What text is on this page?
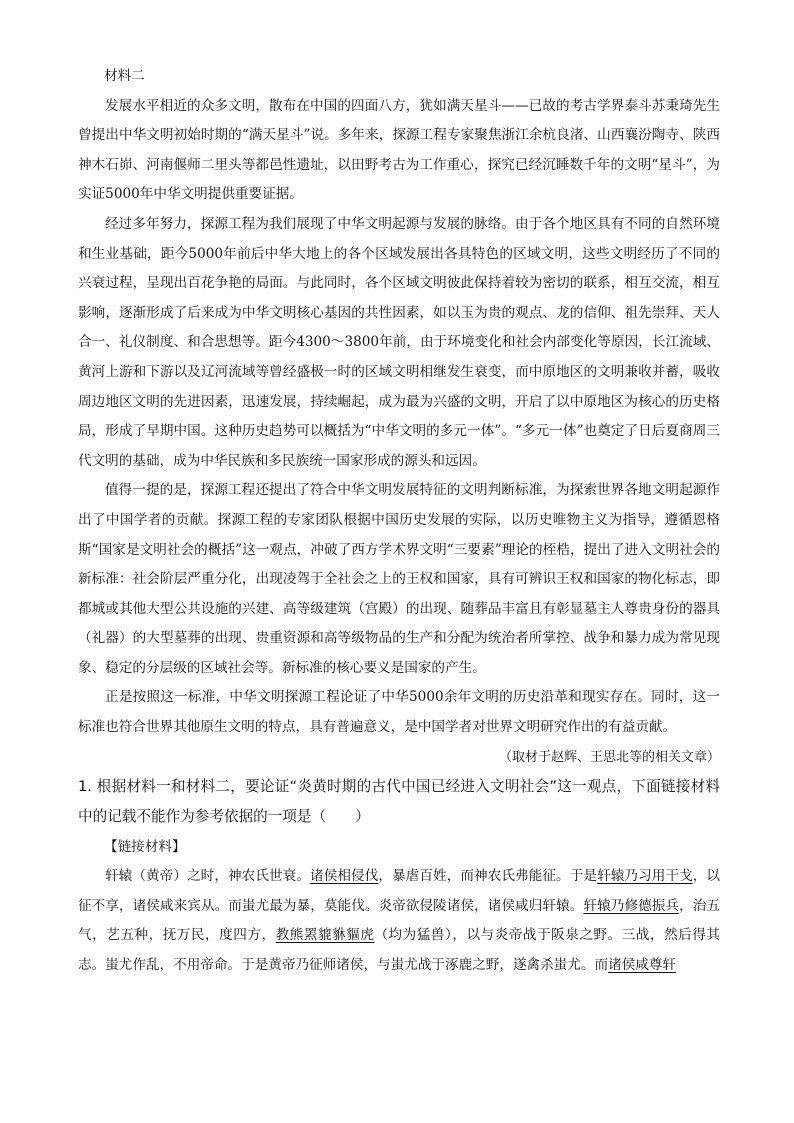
材料二

发展水平相近的众多文明，散布在中国的四面八方，犹如满天星斗——已故的考古学界泰斗苏秉琦先生曾提出中华文明初始时期的“满天星斗”说。多年来，探源工程专家聚焦浙江余杭良渚、山西襄汾陶寺、陕西神木石峁、河南偃师二里头等都邑性遗址，以田野考古为工作重心，探究已经沉睡数千年的文明“星斗”，为实证5000年中华文明提供重要证据。

经过多年努力，探源工程为我们展现了中华文明起源与发展的脉络。由于各个地区具有不同的自然环境和生业基础，距今5000年前后中华大地上的各个区域发展出各具特色的区域文明，这些文明经历了不同的兴衰过程，呈现出百花争艳的局面。与此同时，各个区域文明彼此保持着较为密切的联系，相互交流，相互影响，逐渐形成了后来成为中华文明核心基因的共性因素，如以玉为贵的观点、龙的信仰、祖先崇拜、天人合一、礼仪制度、和合思想等。距今4300～3800年前，由于环境变化和社会内部变化等原因，长江流域、黄河上游和下游以及辽河流域等曾经盛极一时的区域文明相继发生衰变，而中原地区的文明兼收并蓄，吸收周边地区文明的先进因素，迅速发展，持续崛起，成为最为兴盛的文明，开启了以中原地区为核心的历史格局，形成了早期中国。这种历史趋势可以概括为“中华文明的多元一体”。“多元一体”也奠定了日后夏商周三代文明的基础，成为中华民族和多民族统一国家形成的源头和远因。

值得一提的是，探源工程还提出了符合中华文明发展特征的文明判断标准，为探索世界各地文明起源作出了中国学者的贡献。探源工程的专家团队根据中国历史发展的实际，以历史唯物主义为指导，遵循恩格斯“国家是文明社会的概括”这一观点，冲破了西方学术界文明“三要素”理论的桎梏，提出了进入文明社会的新标准：社会阶层严重分化，出现凌驾于全社会之上的王权和国家，具有可辨识王权和国家的物化标志，即都城或其他大型公共设施的兴建、高等级建筑（宫殿）的出现、随葬品丰富且有彰显墓主人尊贵身份的器具（礼器）的大型墓葬的出现、贵重资源和高等级物品的生产和分配为统治者所掌控、战争和暴力成为常见现象、稳定的分层级的区域社会等。新标准的核心要义是国家的产生。

正是按照这一标准，中华文明探源工程论证了中华5000余年文明的历史沿革和现实存在。同时，这一标准也符合世界其他原生文明的特点，具有普遍意义，是中国学者对世界文明研究作出的有益贡献。

（取材于赵辉、王思北等的相关文章）

1. 根据材料一和材料二，要论证“炎黄时期的古代中国已经进入文明社会”这一观点，下面链接材料中的记载不能作为参考依据的一项是（　　）

【链接材料】

轩辕（黄帝）之时，神农氏世衰。诸侯相侵伐，暴虐百姓，而神农氏弗能征。于是轩辕乃习用干戈，以征不享，诸侯咸来宾从。而蚩尤最为暴，莫能伐。炎帝欲侵陵诸侯，诸侯咸归轩辕。轩辕乃修德振兵，治五气，艺五种，抚万民，度四方，教熊罴貔貅貙虎（均为猛兽），以与炎帝战于阪泉之野。三战，然后得其志。蚩尤作乱，不用帝命。于是黄帝乃征师诸侯，与蚩尤战于涿鹿之野，遂禽杀蚩尤。而诸侯咸尊轩
